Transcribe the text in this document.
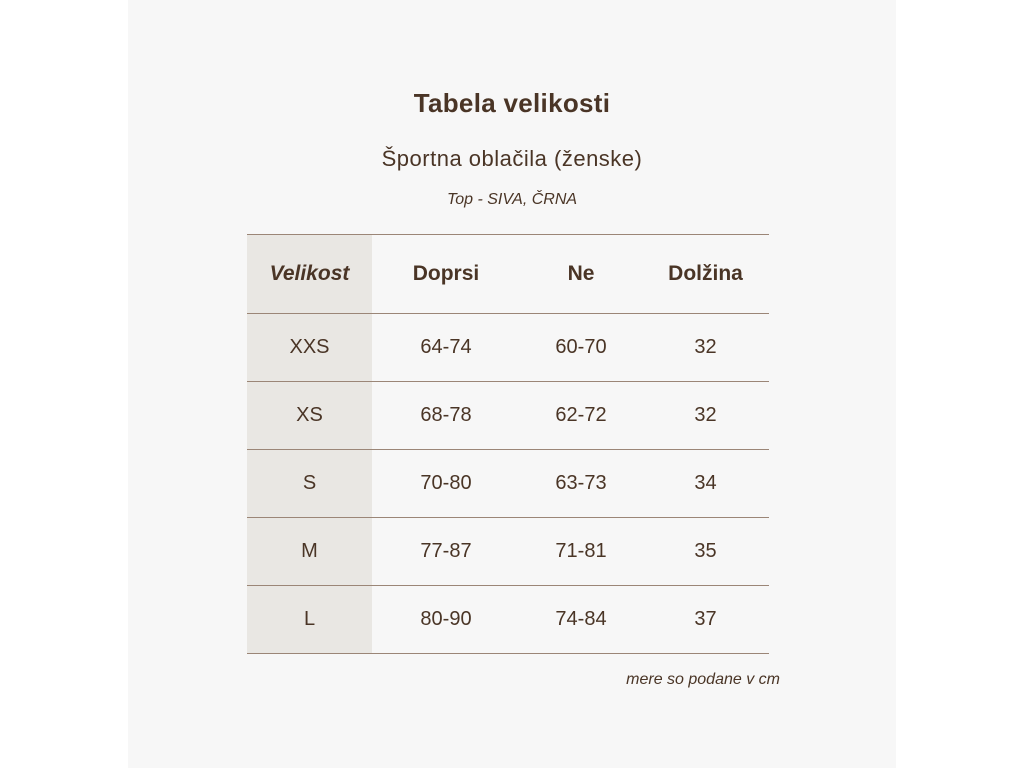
Tabela velikosti
Športna oblačila (ženske)
Top - SIVA, ČRNA
Velikost	Doprsi	Ne	Dolžina
XXS	64-74	60-70	32
XS	68-78	62-72	32
S	70-80	63-73	34
M	77-87	71-81	35
L	80-90	74-84	37
mere so podane v cm
